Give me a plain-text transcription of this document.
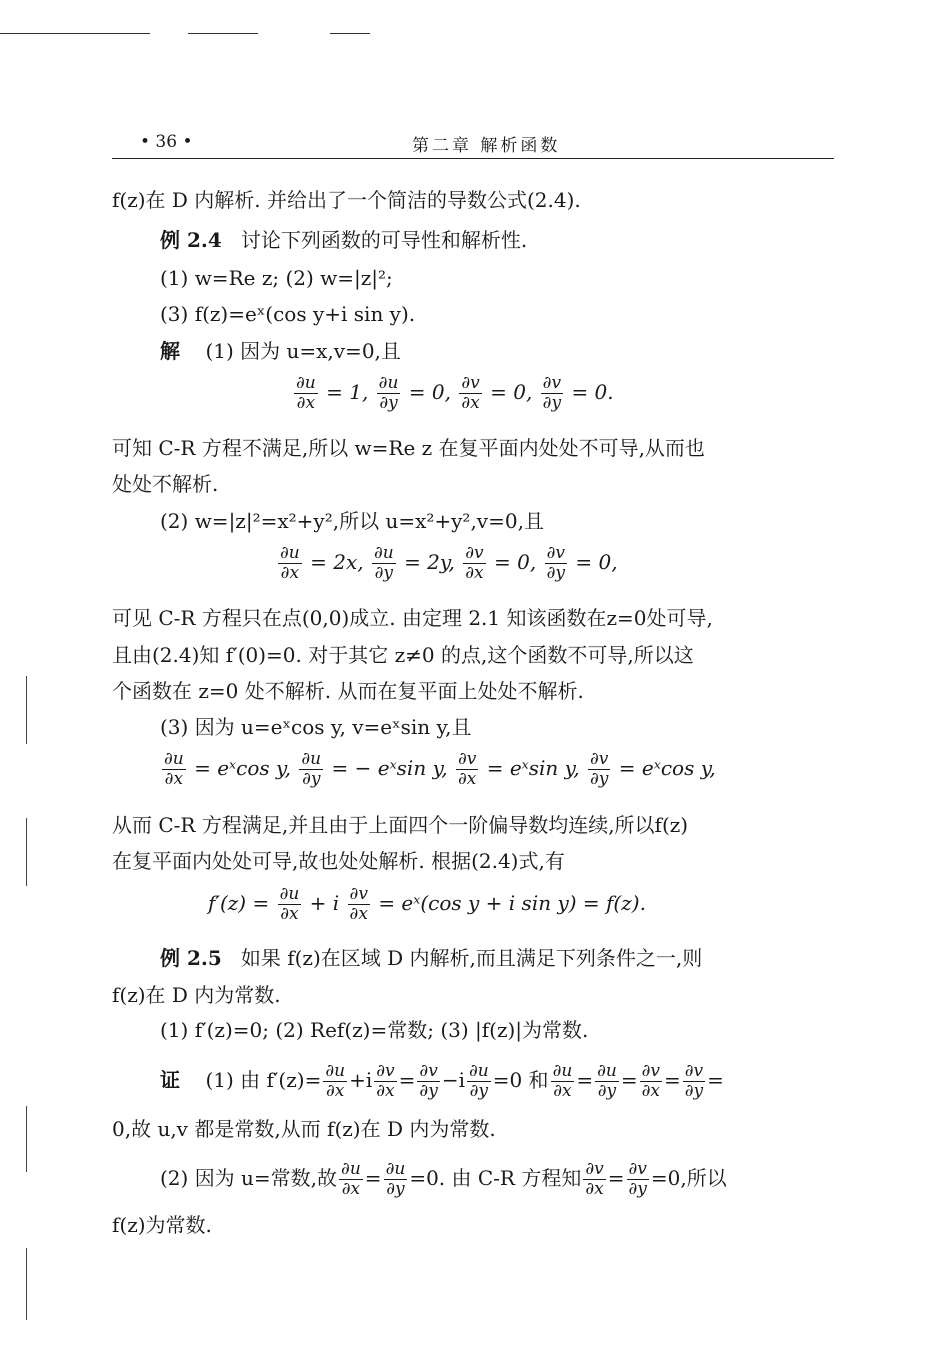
• 36 •	第二章 解析函数
f(z)在 D 内解析. 并给出了一个简洁的导数公式(2.4).
例 2.4 讨论下列函数的可导性和解析性.
(1) w=Re z; (2) w=|z|²;
(3) f(z)=eˣ(cos y+i sin y).
解 (1) 因为 u=x,v=0,且
$\frac{\partial u}{\partial x} = 1$, $\frac{\partial u}{\partial y} = 0$, $\frac{\partial v}{\partial x} = 0$, $\frac{\partial v}{\partial y} = 0$.
可知 C-R 方程不满足,所以 w=Re z 在复平面内处处不可导,从而也
处处不解析.
(2) w=|z|²=x²+y²,所以 u=x²+y²,v=0,且
$\frac{\partial u}{\partial x} = 2x$, $\frac{\partial u}{\partial y} = 2y$, $\frac{\partial v}{\partial x} = 0$, $\frac{\partial v}{\partial y} = 0$,
可见 C-R 方程只在点(0,0)成立. 由定理 2.1 知该函数在z=0处可导,
且由(2.4)知 f′(0)=0. 对于其它 z≠0 的点,这个函数不可导,所以这
个函数在 z=0 处不解析. 从而在复平面上处处不解析.
(3) 因为 u=eˣcos y, v=eˣsin y,且
$\frac{\partial u}{\partial x}$ = eˣcos y, $\frac{\partial u}{\partial y}$ = − eˣsin y, $\frac{\partial v}{\partial x}$ = eˣsin y, $\frac{\partial v}{\partial y}$ = eˣcos y,
从而 C-R 方程满足,并且由于上面四个一阶偏导数均连续,所以f(z)
在复平面内处处可导,故也处处解析. 根据(2.4)式,有
$f'(z) = \frac{\partial u}{\partial x} + i \frac{\partial v}{\partial x}$ = eˣ(cos y + i sin y) = f(z).
例 2.5 如果 f(z)在区域 D 内解析,而且满足下列条件之一,则
f(z)在 D 内为常数.
(1) f′(z)=0; (2) Ref(z)=常数; (3) |f(z)|为常数.
证 (1) 由 $f'(z)= \frac{\partial u}{\partial x} +i \frac{\partial v}{\partial x} = \frac{\partial v}{\partial y} -i \frac{\partial u}{\partial y} =0$ 和 $\frac{\partial u}{\partial x} = \frac{\partial u}{\partial y} = \frac{\partial v}{\partial x} = \frac{\partial v}{\partial y}$ =
0,故 u,v 都是常数,从而 f(z)在 D 内为常数.
(2) 因为 u=常数,故 $\frac{\partial u}{\partial x} = \frac{\partial u}{\partial y} =0$. 由 C-R 方程知 $\frac{\partial v}{\partial x} = \frac{\partial v}{\partial y} =0$,所以
f(z)为常数.
